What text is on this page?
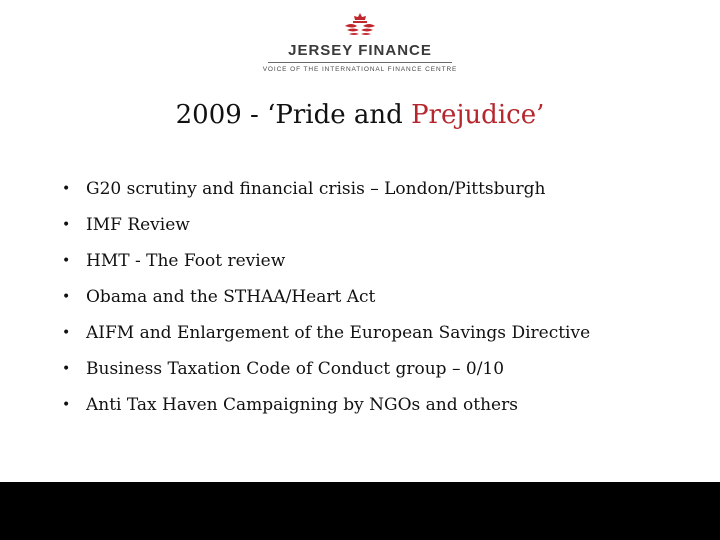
JERSEY FINANCE
VOICE OF THE INTERNATIONAL FINANCE CENTRE
2009 - ‘Pride and Prejudice’
• G20 scrutiny and financial crisis – London/Pittsburgh
• IMF Review
• HMT - The Foot review
• Obama and the STHAA/Heart Act
• AIFM and Enlargement of the European Savings Directive
• Business Taxation Code of Conduct group – 0/10
• Anti Tax Haven Campaigning by NGOs and others
